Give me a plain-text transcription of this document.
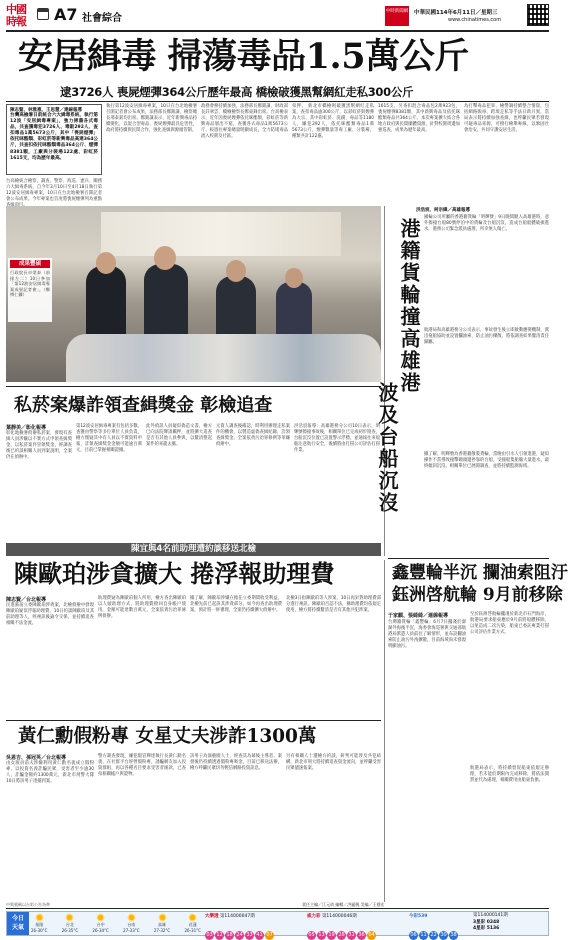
中國時報 A7 社會綜合
中時新聞網 中華民國114年6月11日／星期三
www.chinatimes.com
安居緝毒 掃蕩毒品1.5萬公斤
逮3726人 喪屍煙彈364公斤歷年最高 橋檢破獲黑幫網紅走私300公斤
陳志賢、林雅惠、王思慧／連線報導
台灣高檢署日前統合六大緝毒系統，執行第12波「安居緝毒專案」，強力掃蕩各式毒品，共查獲毒犯3726人、毒販292人、查扣毒品1萬5673公斤，其中「喪屍煙彈」依托咪酯類、彩虹菸等新興毒品高達364公斤，共查扣依托咪酯類毒品364公斤、煙彈8381顆，工廠與分裝場122處、彩虹菸1615支，均為歷年最高。
台高檢統合檢察、調查、警察、海巡、憲兵、關務六大緝毒系統，自今年3月10日至4月18日執行第12波安居緝毒專案，10日在台北地檢署召開記者會公布成果。今年專案也首度將喪屍煙彈列為重點
執行第12波安居緝毒專案，10日在台北地檢署召開記者會公布成果，法務部長鄭銘謙、檢察總長邢泰釗均出席。鄭銘謙表示，近年新興毒品持續變化，以混合型毒品、喪屍煙彈最具危害性，政府將持續與民間合作，強化查緝與源頭管制。
政務會務持續加強，法務部長鄭銘謙、財政部長莊翠雲、橋檢檢察長鄭東鋒出席。台高檢表示，近年因喪屍煙彈依托咪酯類，彩虹菸等新興毒品層出不窮，查獲各式毒品1萬5673公斤，較過往專案總量明顯成長，全力防堵毒品流入校園及社區。
扣押。 新北市橋檢則破獲黑幫網紅走私案，查扣毒品逾300公斤，以彩虹菸與煙彈為大宗，其中彩虹菸、洗錢、毒品等1180人，嫌犯292人，依托咪酯類毒品1萬5673公斤，煙彈數量等毒工廠、分裝場、種類共計122處。
1615支，另查扣混合毒品包2萬923包、喪屍煙彈8381顆，其中新興毒品及依托咪酯類毒品共364公斤。本次專案擴大結合各地方政府與民間團體資源，針對校園周邊加強巡查，成果為歷年最高。
為打擊毒品犯罪，檢警調持續整合情資，包括網路販毒、跨境走私等手法日新月異，當局表示將持續加強查緝，也呼籲民眾若發現可疑毒品來源，可撥打檢舉專線，以鞏固社會治安，共同守護安居生活。
成果豐碩
行政院長卓榮泰（前排左二）10日參加「第12波安居緝毒專案成果記者會」。（鄭博仁攝）
洪浩宸、柯宗緯／高雄報導
港籍貨輪撞高雄港
波及台船沉沒
國輪公司所屬的香港籍貨輪「明輝號」9日晚間駛入高雄港時，意外擦撞台船80號停泊中的貨輪及台船沉沒，造成台船船體破損進水，港務公司緊急派員處理，所幸無人傷亡。
航港局和高雄港務分公司表示，事故發生後立即啟動應變機制，派出拖船協助並設置攔油索，防止油污擴散，將依調查結果釐清責任歸屬。
據了解，明輝號為香港籍散裝貨輪，當晚由引水人引領進港，疑似操作不當導致撞擊碼頭邊停靠的台船，受撞船隻船艙大量進水，最終傾斜沉沒。相關單位已展開調查，並將持續監測海域。
私菸案爆詐領查緝獎金 彰檢追查
葉靜美／彰化報導
彰化地檢署偵辦私菸案，發現有查緝人員涉嫌以不實方式申領查緝獎金，以私菸案件冒領獎金，經調查後已約談相關人員到案說明，全案仍在偵辦中。
第12波安居緝毒專案有包括多數，查獲由警察等多位單位人員負責，檢方懷疑其中有人員以不實資料申報，詐領查緝獎金金額可能逾百萬元，目前已掌握相關證據。
此外偵訊人員疑似偽造文書，檢方已向法院聲請羈押，並將擴大追查是否有其他人員參與，以釐清整起案件的來龍去脈。
元資人調查後確認，時利用辦理走私案件的機會，以製造虛偽查緝紀錄，詐領查緝獎金，全案依貪污治罪條例等罪嫌偵辦中。
洪浩宸報導：高雄港務分公司10日表示，明輝號擦撞事故後，相關單位已完成初步勘查，台船沉沒位置已設置警示浮標，並通報往來船舶注意航行安全，後續將由打撈公司評估打撈作業。
陳宜與4名前助理遭約談移送北檢
陳歐珀涉貪擴大 捲浮報助理費
陳志賢／台北報導
民進黨前立委陳歐珀涉貪案，北檢偵辦中發現陳歐珀疑似浮報助理費，10日約談陳歐珀及其前助理等人，經複訊後諭令交保，並持續追查相關不法金流。
助理費疑為陳歐珀個人所用，檢方查出陳歐珀以人頭助理方式，將助理費撥回自身帳戶使用，金額可能達數百萬元，全案依貪污治罪條例偵辦。
據了解，陳歐珀涉嫌在擔任立委期間收受利益，北檢先前已起訴其涉貪部分，如今再查出助理費案，預計將一併審理，全案仍持續擴大偵辦中。
北檢3日指陳歐珀等人涉案，10日再針對助理費部分進行複訊，陳歐珀否認不法，稱助理費均依規定使用，檢方將持續釐清是否有其他共犯涉案。
鑫豐輪半沉 攔油索阻汙
鈺洲啓航輪 9月前移除
于家麒、張綺綺／連線報導
台灣籍貨輪「鑫豐輪」6月7日擱淺於澎湖外海後半沉，海委會海巡署與交通部航港局派遣人員前往了解情形，並布設攔油索防止油污外洩擴散，目前海域尚未發現明顯油污。
至於鈺洲啓航輪擱淺於新北市石門海岸，航港局要求船東應於9月前將船體移除，以免造成二次污染，船東已委託專業打撈公司評估作業方式。
航港局表示，將持續督促船東依規定辦理，若未能於期限內完成移除，將依法開罰並代為處理，相關費用由船東負擔。
黃仁勳假粉專 女星丈夫涉詐1300萬
吳恩吉、孫冠英／台北報導
由女演員前夫涉嫌利用黃仁勳名義成立假粉專，以投資名義詐騙民眾，受害者至少逾30人，詐騙金額約1300萬元，新北市刑警大隊10日將該男子逮捕到案。
警方調查發現，嫌犯假冒輝達執行長黃仁勳名義，在社群平台經營假粉專，誘騙網友加入投資群組，再以各種名目要求受害者匯款，已查扣相關帳戶與證物。
該男子為演藝圈人士，經查其為幕後主導者，案發後仍持續透過假粉專吸金，目前已移送法辦，檢方呼籲民眾切勿輕信網路投資訊息。
另有相關人士遭檢方約談，研判可能涉及共犯結構，新北市刑大將持續追查資金流向，並呼籲受害民眾儘速報案。
責任主編／江元倩 編輯／洪麗鳳 美編／王穆宏
今日
天氣	基隆
26-30°C
台北
26-35°C
台中
26-34°C
台南
27-33°C
高雄
27-32°C
花蓮
26-31°C
大樂透 第114000047期
03 12 18 24 33 41 07
威力彩 第114000046期
05 13 19 26 31 36 04
今彩539
06 11 22 30 38
第114000141期
3星彩 0248
4星彩 5136
中獎號碼以台彩公告為準
